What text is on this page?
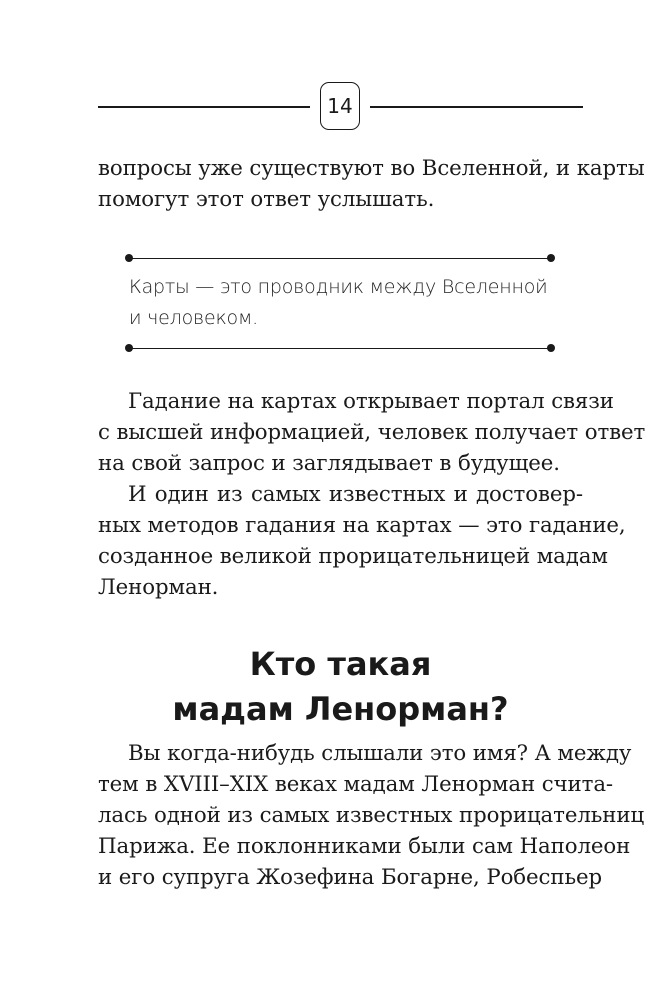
14
вопросы уже существуют во Вселенной, и карты
помогут этот ответ услышать.
Карты — это проводник между Вселенной
и человеком.
Гадание на картах открывает портал связи
с высшей информацией, человек получает ответ
на свой запрос и заглядывает в будущее.
И один из самых известных и достовер-
ных методов гадания на картах — это гадание,
созданное великой прорицательницей мадам
Ленорман.
Кто такая
мадам Ленорман?
Вы когда-нибудь слышали это имя? А между
тем в XVIII–XIX веках мадам Ленорман счита-
лась одной из самых известных прорицательниц
Парижа. Ее поклонниками были сам Наполеон
и его супруга Жозефина Богарне, Робеспьер
